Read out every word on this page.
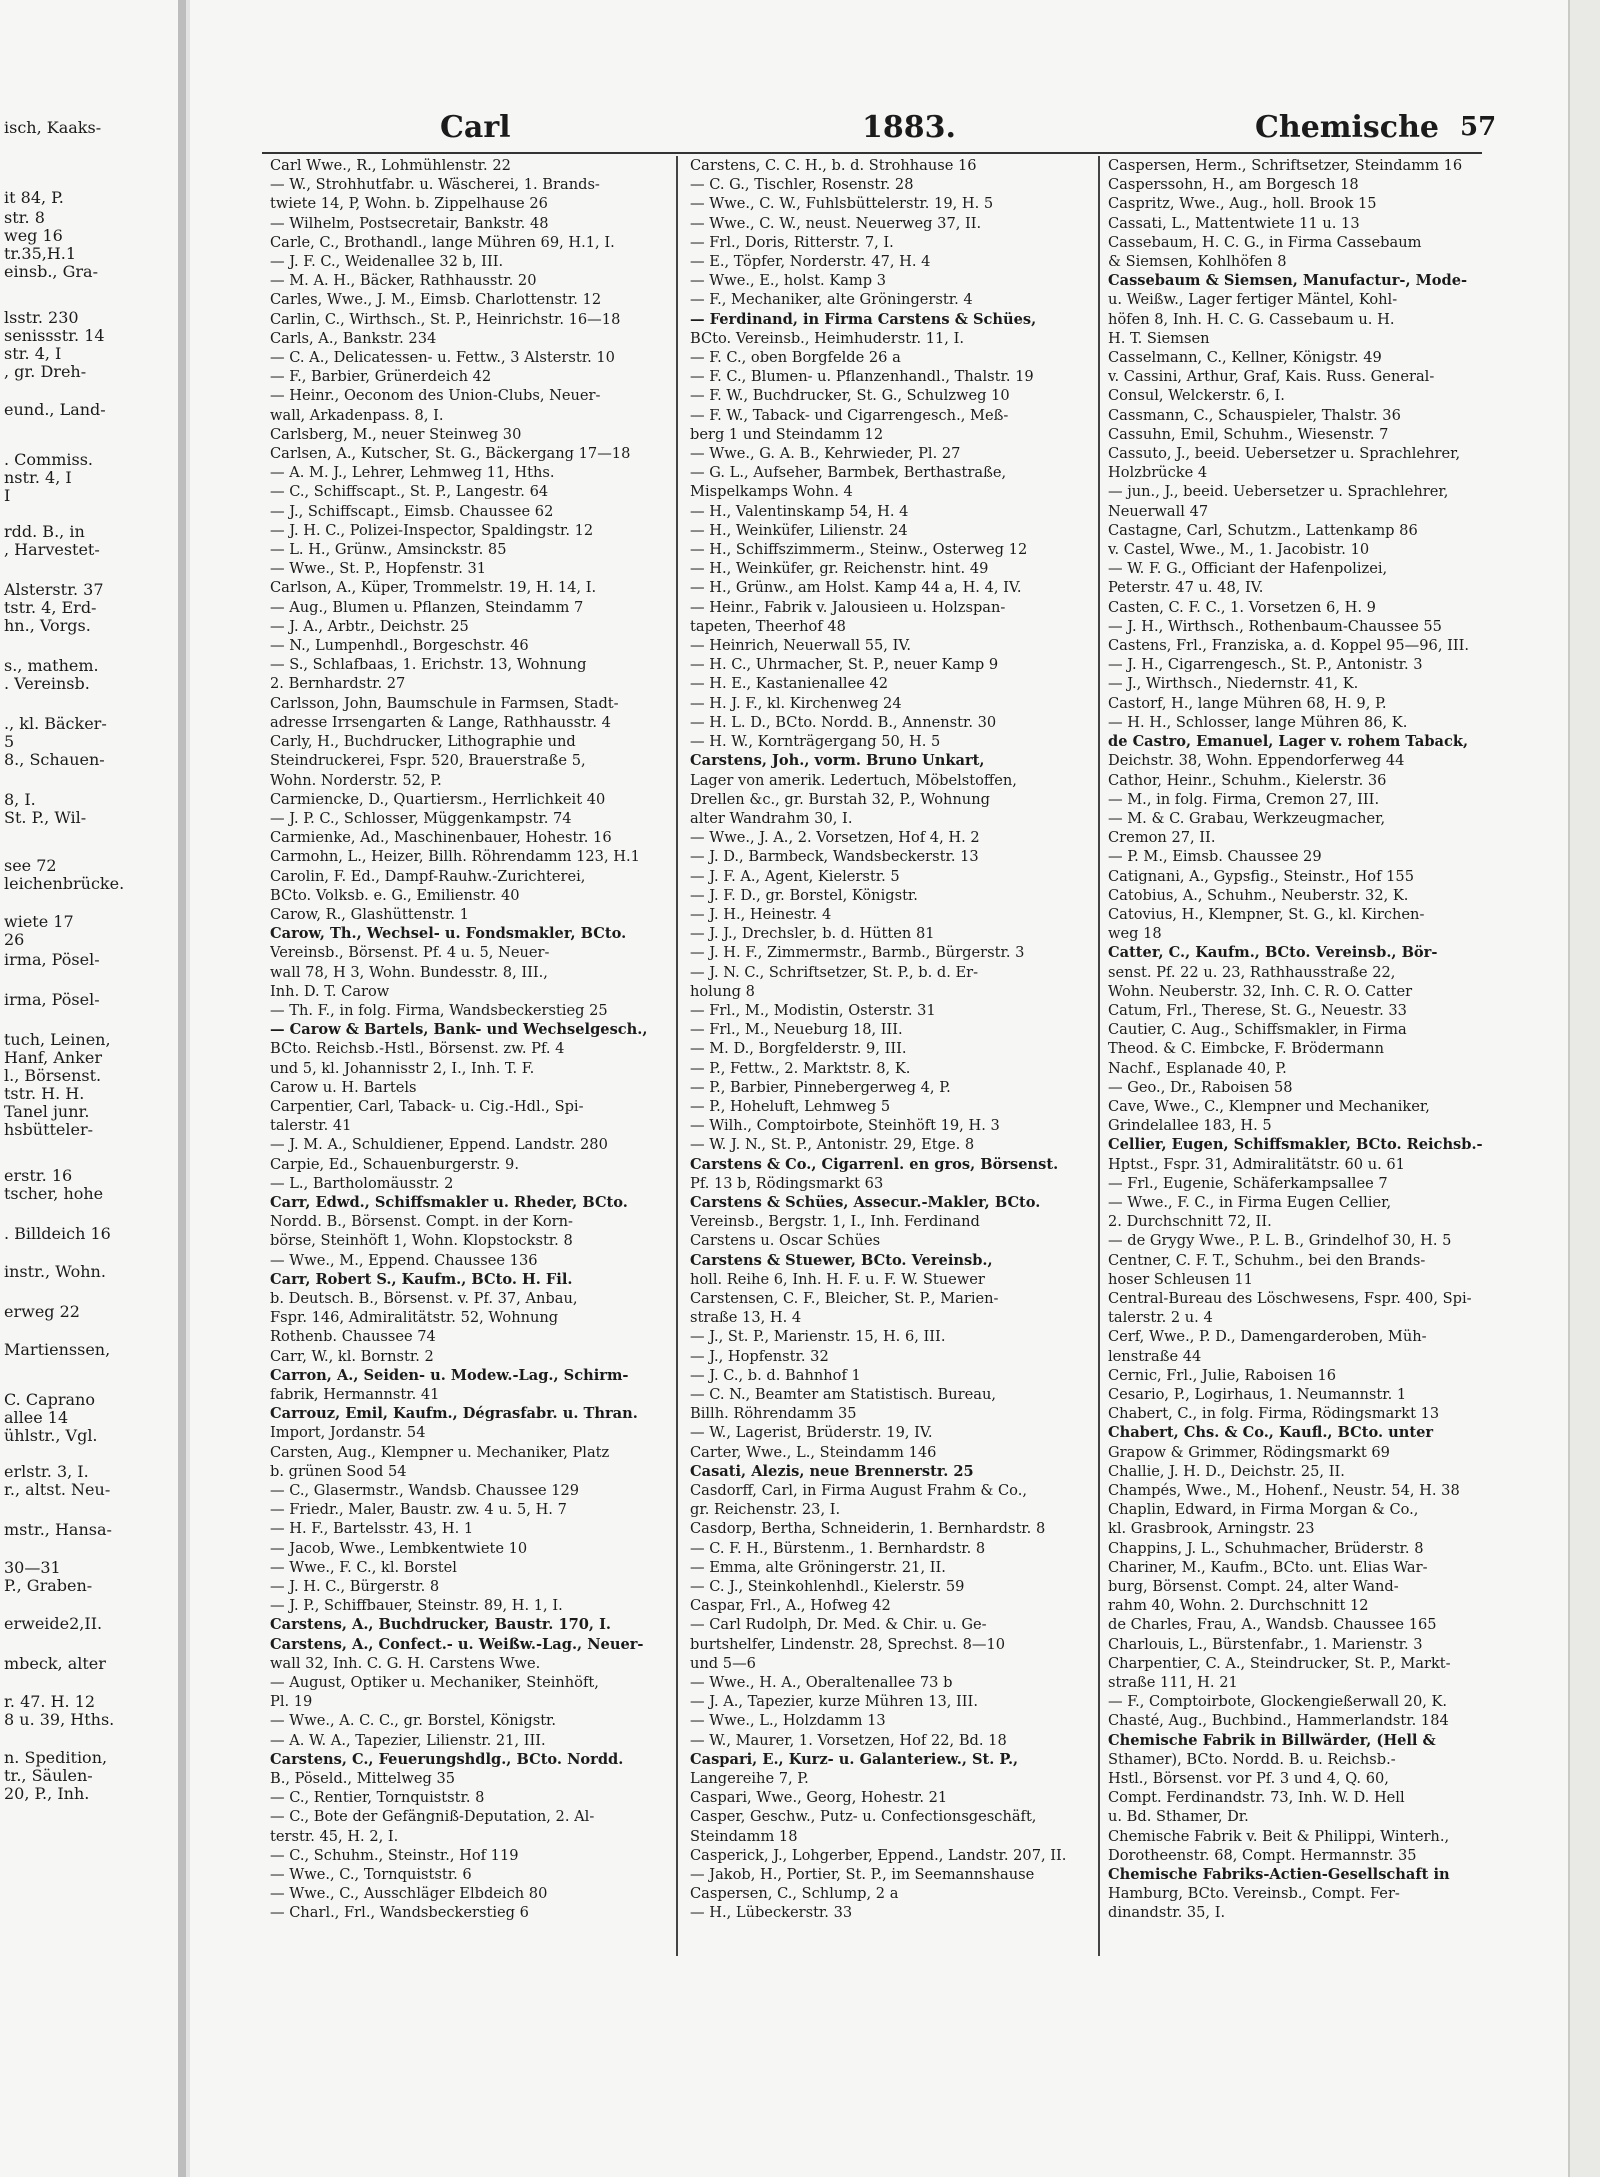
isch, Kaaks-
it 84, P.
str. 8
weg 16
tr.35,H.1
einsb., Gra-
lsstr. 230
senissstr. 14
str. 4, I
, gr. Dreh-
eund., Land-
. Commiss.
nstr. 4, I
I
rdd. B., in
, Harvestet-
Alsterstr. 37
tstr. 4, Erd-
hn., Vorgs.
s., mathem.
. Vereinsb.
., kl. Bäcker-
5
8., Schauen-
8, I.
St. P., Wil-
see 72
leichenbrücke.
wiete 17
26
irma, Pösel-
irma, Pösel-
tuch, Leinen,
Hanf, Anker
l., Börsenst.
tstr. H. H.
Tanel junr.
hsbütteler-
erstr. 16
tscher, hohe
. Billdeich 16
instr., Wohn.
erweg 22
Martienssen,
C. Caprano
allee 14
ühlstr., Vgl.
erlstr. 3, I.
r., altst. Neu-
mstr., Hansa-
30—31
P., Graben-
erweide2,II.
mbeck, alter
r. 47. H. 12
8 u. 39, Hths.
n. Spedition,
tr., Säulen-
20, P., Inh.
Carl	1883.	Chemische 57
Carl Wwe., R., Lohmühlenstr. 22
— W., Strohhutfabr. u. Wäscherei, 1. Brands-
twiete 14, P, Wohn. b. Zippelhause 26
— Wilhelm, Postsecretair, Bankstr. 48
Carle, C., Brothandl., lange Mühren 69, H.1, I.
— J. F. C., Weidenallee 32 b, III.
— M. A. H., Bäcker, Rathhausstr. 20
Carles, Wwe., J. M., Eimsb. Charlottenstr. 12
Carlin, C., Wirthsch., St. P., Heinrichstr. 16—18
Carls, A., Bankstr. 234
— C. A., Delicatessen- u. Fettw., 3 Alsterstr. 10
— F., Barbier, Grünerdeich 42
— Heinr., Oeconom des Union-Clubs, Neuer-
wall, Arkadenpass. 8, I.
Carlsberg, M., neuer Steinweg 30
Carlsen, A., Kutscher, St. G., Bäckergang 17—18
— A. M. J., Lehrer, Lehmweg 11, Hths.
— C., Schiffscapt., St. P., Langestr. 64
— J., Schiffscapt., Eimsb. Chaussee 62
— J. H. C., Polizei-Inspector, Spaldingstr. 12
— L. H., Grünw., Amsinckstr. 85
— Wwe., St. P., Hopfenstr. 31
Carlson, A., Küper, Trommelstr. 19, H. 14, I.
— Aug., Blumen u. Pflanzen, Steindamm 7
— J. A., Arbtr., Deichstr. 25
— N., Lumpenhdl., Borgeschstr. 46
— S., Schlafbaas, 1. Erichstr. 13, Wohnung
2. Bernhardstr. 27
Carlsson, John, Baumschule in Farmsen, Stadt-
adresse Irrsengarten & Lange, Rathhausstr. 4
Carly, H., Buchdrucker, Lithographie und
Steindruckerei, Fspr. 520, Brauerstraße 5,
Wohn. Norderstr. 52, P.
Carmiencke, D., Quartiersm., Herrlichkeit 40
— J. P. C., Schlosser, Müggenkampstr. 74
Carmienke, Ad., Maschinenbauer, Hohestr. 16
Carmohn, L., Heizer, Billh. Röhrendamm 123, H.1
Carolin, F. Ed., Dampf-Rauhw.-Zurichterei,
BCto. Volksb. e. G., Emilienstr. 40
Carow, R., Glashüttenstr. 1
Carow, Th., Wechsel- u. Fondsmakler, BCto.
Vereinsb., Börsenst. Pf. 4 u. 5, Neuer-
wall 78, H 3, Wohn. Bundesstr. 8, III.,
Inh. D. T. Carow
— Th. F., in folg. Firma, Wandsbeckerstieg 25
— Carow & Bartels, Bank- und Wechselgesch.,
BCto. Reichsb.-Hstl., Börsenst. zw. Pf. 4
und 5, kl. Johannisstr 2, I., Inh. T. F.
Carow u. H. Bartels
Carpentier, Carl, Taback- u. Cig.-Hdl., Spi-
talerstr. 41
— J. M. A., Schuldiener, Eppend. Landstr. 280
Carpie, Ed., Schauenburgerstr. 9.
— L., Bartholomäusstr. 2
Carr, Edwd., Schiffsmakler u. Rheder, BCto.
Nordd. B., Börsenst. Compt. in der Korn-
börse, Steinhöft 1, Wohn. Klopstockstr. 8
— Wwe., M., Eppend. Chaussee 136
Carr, Robert S., Kaufm., BCto. H. Fil.
b. Deutsch. B., Börsenst. v. Pf. 37, Anbau,
Fspr. 146, Admiralitätstr. 52, Wohnung
Rothenb. Chaussee 74
Carr, W., kl. Bornstr. 2
Carron, A., Seiden- u. Modew.-Lag., Schirm-
fabrik, Hermannstr. 41
Carrouz, Emil, Kaufm., Dégrasfabr. u. Thran.
Import, Jordanstr. 54
Carsten, Aug., Klempner u. Mechaniker, Platz
b. grünen Sood 54
— C., Glasermstr., Wandsb. Chaussee 129
— Friedr., Maler, Baustr. zw. 4 u. 5, H. 7
— H. F., Bartelsstr. 43, H. 1
— Jacob, Wwe., Lembkentwiete 10
— Wwe., F. C., kl. Borstel
— J. H. C., Bürgerstr. 8
— J. P., Schiffbauer, Steinstr. 89, H. 1, I.
Carstens, A., Buchdrucker, Baustr. 170, I.
Carstens, A., Confect.- u. Weißw.-Lag., Neuer-
wall 32, Inh. C. G. H. Carstens Wwe.
— August, Optiker u. Mechaniker, Steinhöft,
Pl. 19
— Wwe., A. C. C., gr. Borstel, Königstr.
— A. W. A., Tapezier, Lilienstr. 21, III.
Carstens, C., Feuerungshdlg., BCto. Nordd.
B., Pöseld., Mittelweg 35
— C., Rentier, Tornquiststr. 8
— C., Bote der Gefängniß-Deputation, 2. Al-
terstr. 45, H. 2, I.
— C., Schuhm., Steinstr., Hof 119
— Wwe., C., Tornquiststr. 6
— Wwe., C., Ausschläger Elbdeich 80
— Charl., Frl., Wandsbeckerstieg 6
Carstens, C. C. H., b. d. Strohhause 16
— C. G., Tischler, Rosenstr. 28
— Wwe., C. W., Fuhlsbüttelerstr. 19, H. 5
— Wwe., C. W., neust. Neuerweg 37, II.
— Frl., Doris, Ritterstr. 7, I.
— E., Töpfer, Norderstr. 47, H. 4
— Wwe., E., holst. Kamp 3
— F., Mechaniker, alte Gröningerstr. 4
— Ferdinand, in Firma Carstens & Schües,
BCto. Vereinsb., Heimhuderstr. 11, I.
— F. C., oben Borgfelde 26 a
— F. C., Blumen- u. Pflanzenhandl., Thalstr. 19
— F. W., Buchdrucker, St. G., Schulzweg 10
— F. W., Taback- und Cigarrengesch., Meß-
berg 1 und Steindamm 12
— Wwe., G. A. B., Kehrwieder, Pl. 27
— G. L., Aufseher, Barmbek, Berthastraße,
Mispelkamps Wohn. 4
— H., Valentinskamp 54, H. 4
— H., Weinküfer, Lilienstr. 24
— H., Schiffszimmerm., Steinw., Osterweg 12
— H., Weinküfer, gr. Reichenstr. hint. 49
— H., Grünw., am Holst. Kamp 44 a, H. 4, IV.
— Heinr., Fabrik v. Jalousieen u. Holzspan-
tapeten, Theerhof 48
— Heinrich, Neuerwall 55, IV.
— H. C., Uhrmacher, St. P., neuer Kamp 9
— H. E., Kastanienallee 42
— H. J. F., kl. Kirchenweg 24
— H. L. D., BCto. Nordd. B., Annenstr. 30
— H. W., Kornträgergang 50, H. 5
Carstens, Joh., vorm. Bruno Unkart,
Lager von amerik. Ledertuch, Möbelstoffen,
Drellen &c., gr. Burstah 32, P., Wohnung
alter Wandrahm 30, I.
— Wwe., J. A., 2. Vorsetzen, Hof 4, H. 2
— J. D., Barmbeck, Wandsbeckerstr. 13
— J. F. A., Agent, Kielerstr. 5
— J. F. D., gr. Borstel, Königstr.
— J. H., Heinestr. 4
— J. J., Drechsler, b. d. Hütten 81
— J. H. F., Zimmermstr., Barmb., Bürgerstr. 3
— J. N. C., Schriftsetzer, St. P., b. d. Er-
holung 8
— Frl., M., Modistin, Osterstr. 31
— Frl., M., Neueburg 18, III.
— M. D., Borgfelderstr. 9, III.
— P., Fettw., 2. Marktstr. 8, K.
— P., Barbier, Pinnebergerweg 4, P.
— P., Hoheluft, Lehmweg 5
— Wilh., Comptoirbote, Steinhöft 19, H. 3
— W. J. N., St. P., Antonistr. 29, Etge. 8
Carstens & Co., Cigarrenl. en gros, Börsenst.
Pf. 13 b, Rödingsmarkt 63
Carstens & Schües, Assecur.-Makler, BCto.
Vereinsb., Bergstr. 1, I., Inh. Ferdinand
Carstens u. Oscar Schües
Carstens & Stuewer, BCto. Vereinsb.,
holl. Reihe 6, Inh. H. F. u. F. W. Stuewer
Carstensen, C. F., Bleicher, St. P., Marien-
straße 13, H. 4
— J., St. P., Marienstr. 15, H. 6, III.
— J., Hopfenstr. 32
— J. C., b. d. Bahnhof 1
— C. N., Beamter am Statistisch. Bureau,
Billh. Röhrendamm 35
— W., Lagerist, Brüderstr. 19, IV.
Carter, Wwe., L., Steindamm 146
Casati, Alezis, neue Brennerstr. 25
Casdorff, Carl, in Firma August Frahm & Co.,
gr. Reichenstr. 23, I.
Casdorp, Bertha, Schneiderin, 1. Bernhardstr. 8
— C. F. H., Bürstenm., 1. Bernhardstr. 8
— Emma, alte Gröningerstr. 21, II.
— C. J., Steinkohlenhdl., Kielerstr. 59
Caspar, Frl., A., Hofweg 42
— Carl Rudolph, Dr. Med. & Chir. u. Ge-
burtshelfer, Lindenstr. 28, Sprechst. 8—10
und 5—6
— Wwe., H. A., Oberaltenallee 73 b
— J. A., Tapezier, kurze Mühren 13, III.
— Wwe., L., Holzdamm 13
— W., Maurer, 1. Vorsetzen, Hof 22, Bd. 18
Caspari, E., Kurz- u. Galanteriew., St. P.,
Langereihe 7, P.
Caspari, Wwe., Georg, Hohestr. 21
Casper, Geschw., Putz- u. Confectionsgeschäft,
Steindamm 18
Casperick, J., Lohgerber, Eppend., Landstr. 207, II.
— Jakob, H., Portier, St. P., im Seemannshause
Caspersen, C., Schlump, 2 a
— H., Lübeckerstr. 33
Caspersen, Herm., Schriftsetzer, Steindamm 16
Casperssohn, H., am Borgesch 18
Caspritz, Wwe., Aug., holl. Brook 15
Cassati, L., Mattentwiete 11 u. 13
Cassebaum, H. C. G., in Firma Cassebaum
& Siemsen, Kohlhöfen 8
Cassebaum & Siemsen, Manufactur-, Mode-
u. Weißw., Lager fertiger Mäntel, Kohl-
höfen 8, Inh. H. C. G. Cassebaum u. H.
H. T. Siemsen
Casselmann, C., Kellner, Königstr. 49
v. Cassini, Arthur, Graf, Kais. Russ. General-
Consul, Welckerstr. 6, I.
Cassmann, C., Schauspieler, Thalstr. 36
Cassuhn, Emil, Schuhm., Wiesenstr. 7
Cassuto, J., beeid. Uebersetzer u. Sprachlehrer,
Holzbrücke 4
— jun., J., beeid. Uebersetzer u. Sprachlehrer,
Neuerwall 47
Castagne, Carl, Schutzm., Lattenkamp 86
v. Castel, Wwe., M., 1. Jacobistr. 10
— W. F. G., Officiant der Hafenpolizei,
Peterstr. 47 u. 48, IV.
Casten, C. F. C., 1. Vorsetzen 6, H. 9
— J. H., Wirthsch., Rothenbaum-Chaussee 55
Castens, Frl., Franziska, a. d. Koppel 95—96, III.
— J. H., Cigarrengesch., St. P., Antonistr. 3
— J., Wirthsch., Niedernstr. 41, K.
Castorf, H., lange Mühren 68, H. 9, P.
— H. H., Schlosser, lange Mühren 86, K.
de Castro, Emanuel, Lager v. rohem Taback,
Deichstr. 38, Wohn. Eppendorferweg 44
Cathor, Heinr., Schuhm., Kielerstr. 36
— M., in folg. Firma, Cremon 27, III.
— M. & C. Grabau, Werkzeugmacher,
Cremon 27, II.
— P. M., Eimsb. Chaussee 29
Catignani, A., Gypsfig., Steinstr., Hof 155
Catobius, A., Schuhm., Neuberstr. 32, K.
Catovius, H., Klempner, St. G., kl. Kirchen-
weg 18
Catter, C., Kaufm., BCto. Vereinsb., Bör-
senst. Pf. 22 u. 23, Rathhausstraße 22,
Wohn. Neuberstr. 32, Inh. C. R. O. Catter
Catum, Frl., Therese, St. G., Neuestr. 33
Cautier, C. Aug., Schiffsmakler, in Firma
Theod. & C. Eimbcke, F. Brödermann
Nachf., Esplanade 40, P.
— Geo., Dr., Raboisen 58
Cave, Wwe., C., Klempner und Mechaniker,
Grindelallee 183, H. 5
Cellier, Eugen, Schiffsmakler, BCto. Reichsb.-
Hptst., Fspr. 31, Admiralitätstr. 60 u. 61
— Frl., Eugenie, Schäferkampsallee 7
— Wwe., F. C., in Firma Eugen Cellier,
2. Durchschnitt 72, II.
— de Grygy Wwe., P. L. B., Grindelhof 30, H. 5
Centner, C. F. T., Schuhm., bei den Brands-
hoser Schleusen 11
Central-Bureau des Löschwesens, Fspr. 400, Spi-
talerstr. 2 u. 4
Cerf, Wwe., P. D., Damengarderoben, Müh-
lenstraße 44
Cernic, Frl., Julie, Raboisen 16
Cesario, P., Logirhaus, 1. Neumannstr. 1
Chabert, C., in folg. Firma, Rödingsmarkt 13
Chabert, Chs. & Co., Kaufl., BCto. unter
Grapow & Grimmer, Rödingsmarkt 69
Challie, J. H. D., Deichstr. 25, II.
Champés, Wwe., M., Hohenf., Neustr. 54, H. 38
Chaplin, Edward, in Firma Morgan & Co.,
kl. Grasbrook, Arningstr. 23
Chappins, J. L., Schuhmacher, Brüderstr. 8
Chariner, M., Kaufm., BCto. unt. Elias War-
burg, Börsenst. Compt. 24, alter Wand-
rahm 40, Wohn. 2. Durchschnitt 12
de Charles, Frau, A., Wandsb. Chaussee 165
Charlouis, L., Bürstenfabr., 1. Marienstr. 3
Charpentier, C. A., Steindrucker, St. P., Markt-
straße 111, H. 21
— F., Comptoirbote, Glockengießerwall 20, K.
Chasté, Aug., Buchbind., Hammerlandstr. 184
Chemische Fabrik in Billwärder, (Hell &
Sthamer), BCto. Nordd. B. u. Reichsb.-
Hstl., Börsenst. vor Pf. 3 und 4, Q. 60,
Compt. Ferdinandstr. 73, Inh. W. D. Hell
u. Bd. Sthamer, Dr.
Chemische Fabrik v. Beit & Philippi, Winterh.,
Dorotheenstr. 68, Compt. Hermannstr. 35
Chemische Fabriks-Actien-Gesellschaft in
Hamburg, BCto. Vereinsb., Compt. Fer-
dinandstr. 35, I.
